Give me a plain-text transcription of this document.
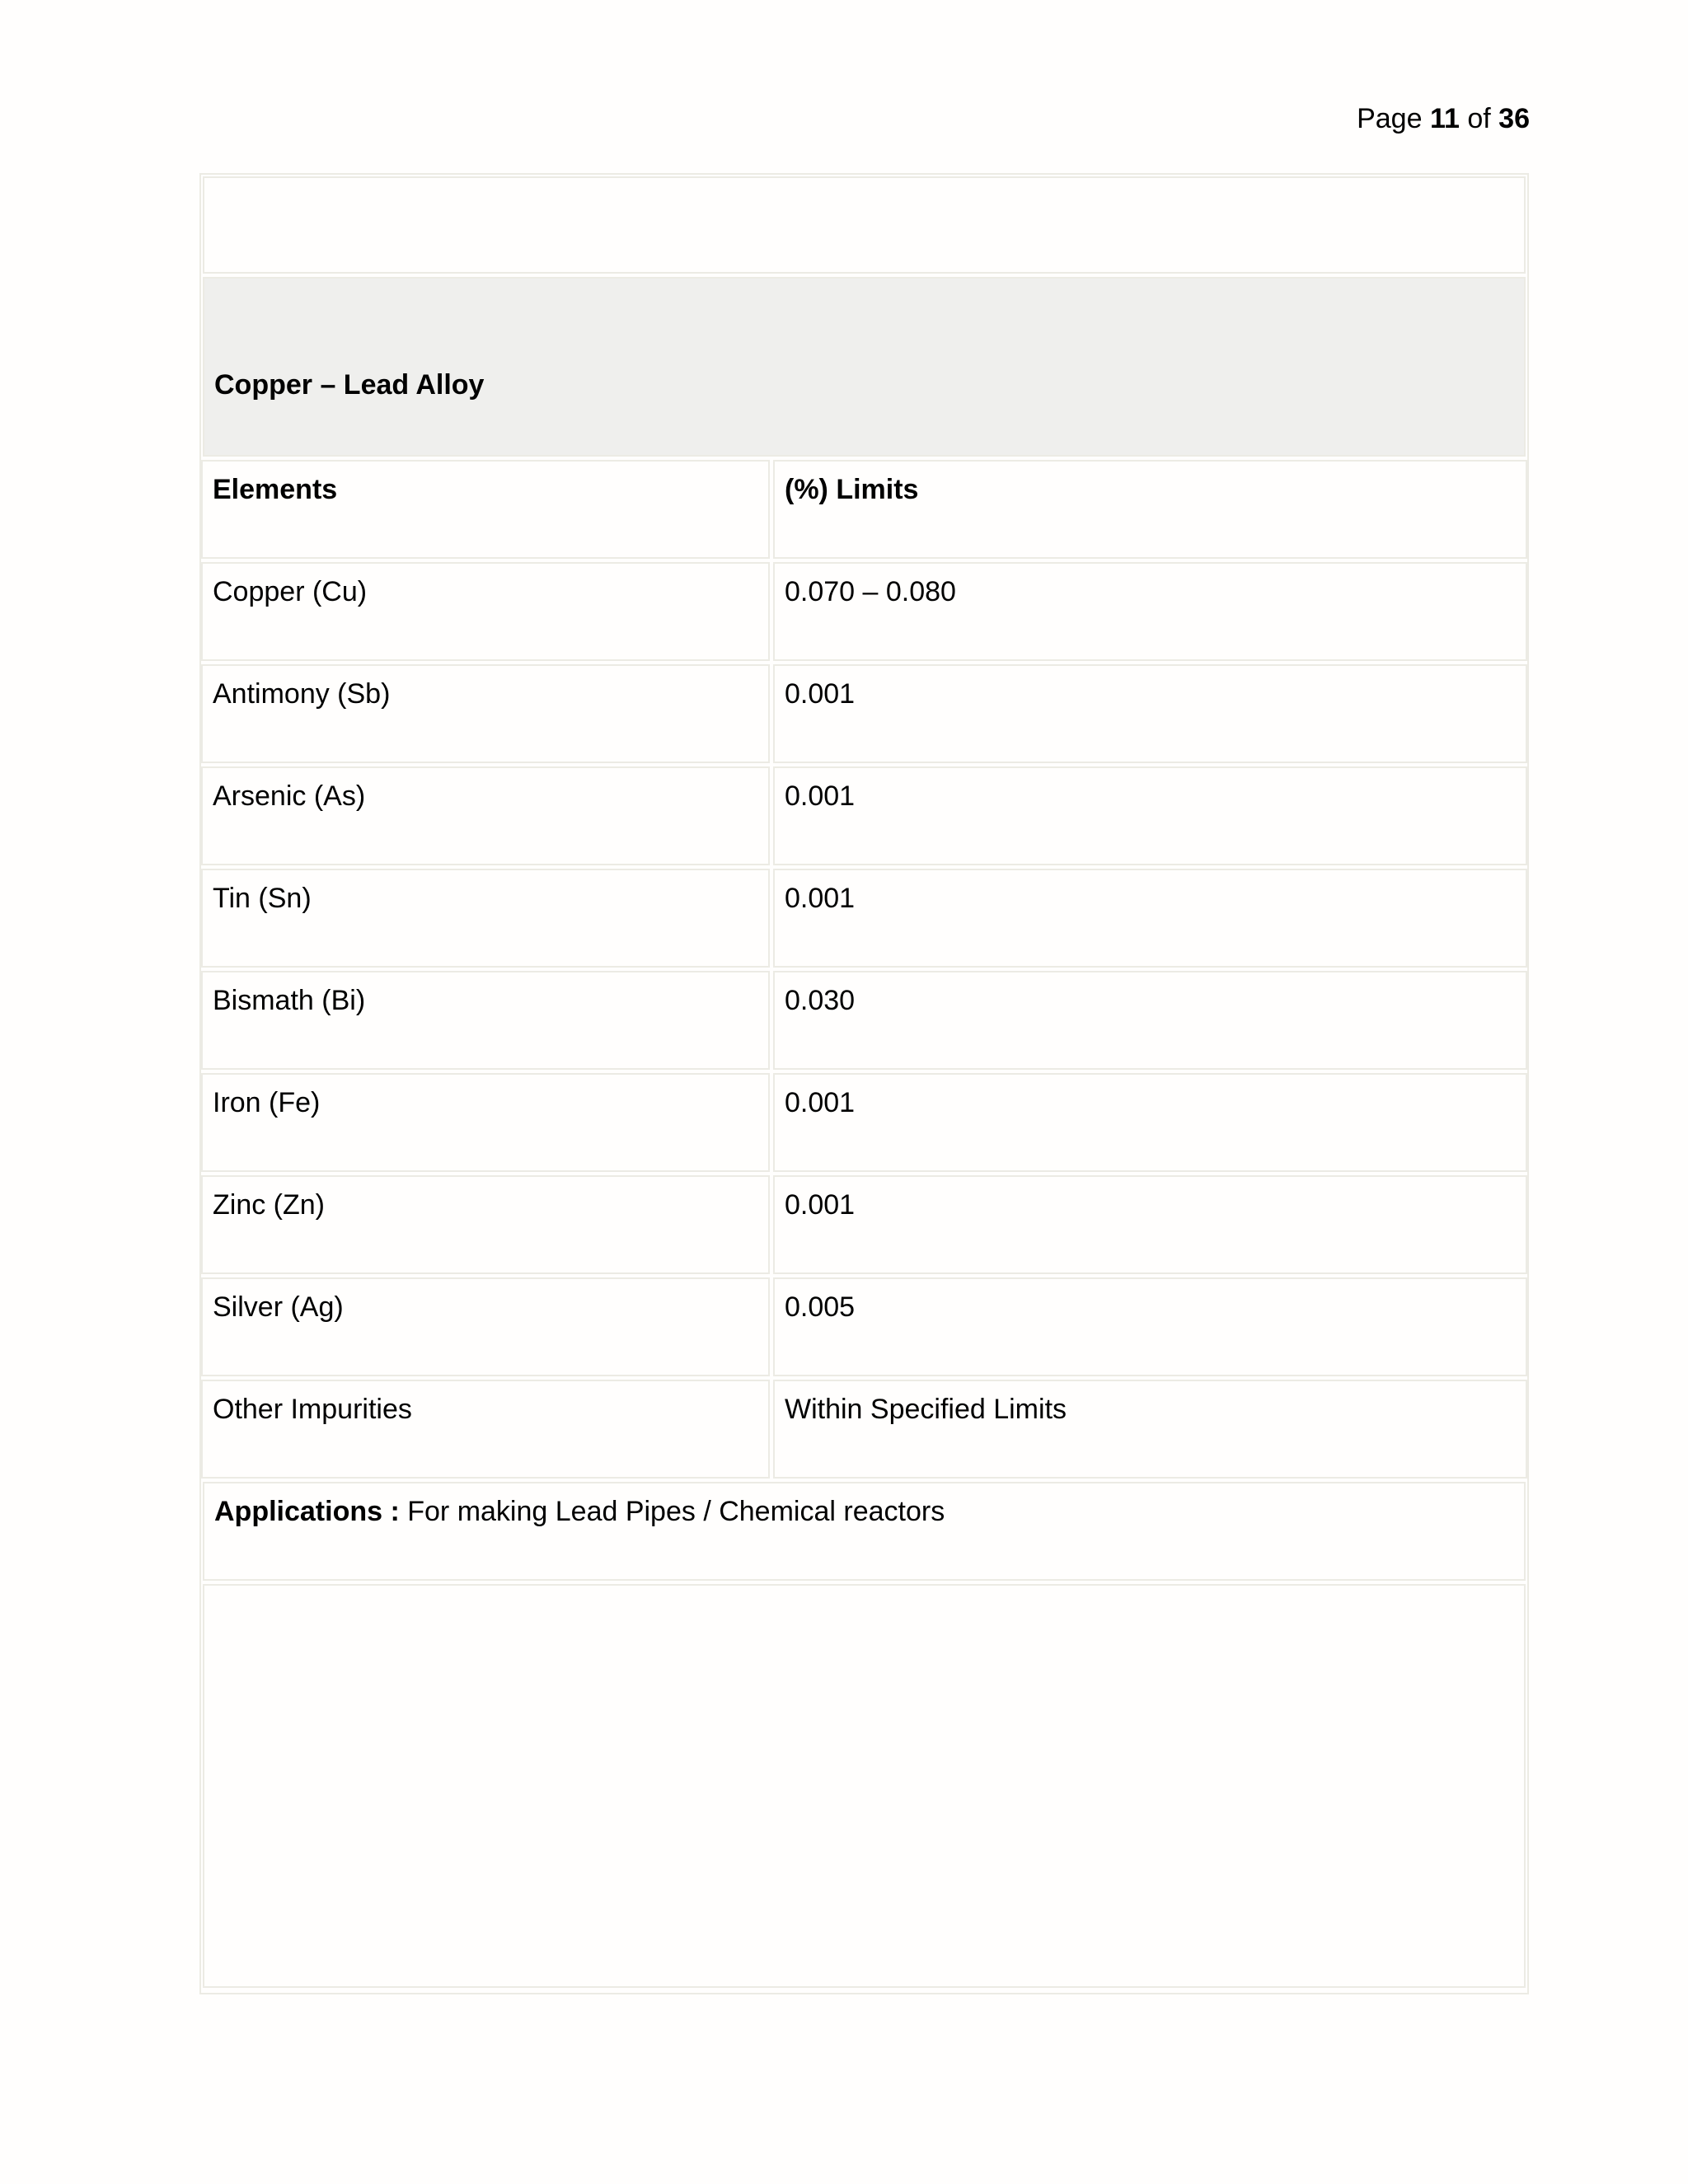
Page 11 of 36
Copper – Lead Alloy
Elements	(%) Limits
Copper (Cu)	0.070 – 0.080
Antimony (Sb)	0.001
Arsenic (As)	0.001
Tin (Sn)	0.001
Bismath (Bi)	0.030
Iron (Fe)	0.001
Zinc (Zn)	0.001
Silver (Ag)	0.005
Other Impurities	Within Specified Limits
Applications : For making Lead Pipes / Chemical reactors
